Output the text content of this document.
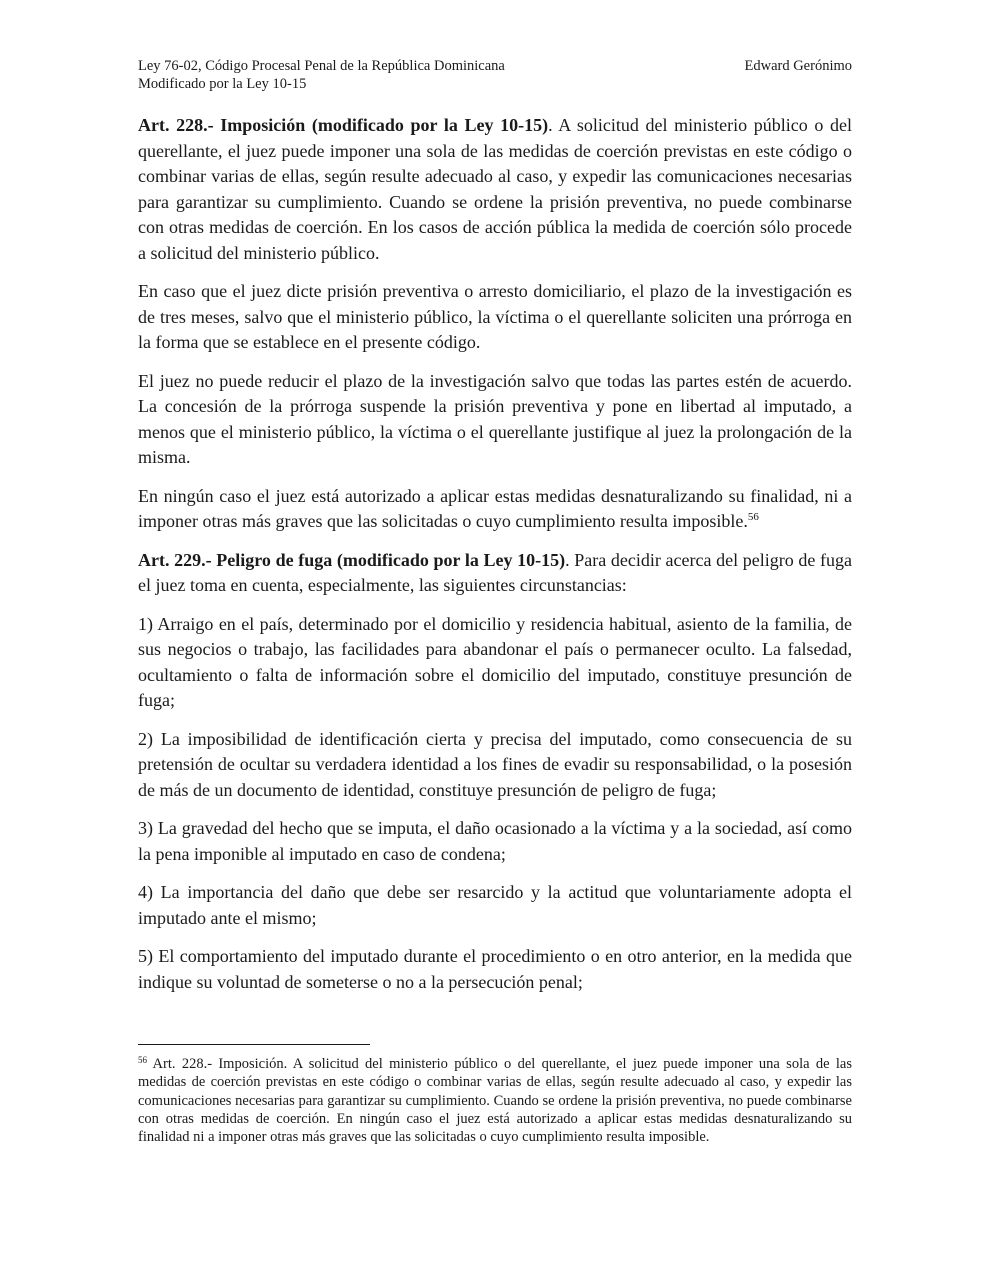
Ley 76-02, Código Procesal Penal de la República Dominicana
Modificado por la Ley 10-15
Edward Gerónimo

Art. 228.- Imposición (modificado por la Ley 10-15). A solicitud del ministerio público o del querellante, el juez puede imponer una sola de las medidas de coerción previstas en este código o combinar varias de ellas, según resulte adecuado al caso, y expedir las comunicaciones necesarias para garantizar su cumplimiento. Cuando se ordene la prisión preventiva, no puede combinarse con otras medidas de coerción. En los casos de acción pública la medida de coerción sólo procede a solicitud del ministerio público.

En caso que el juez dicte prisión preventiva o arresto domiciliario, el plazo de la investigación es de tres meses, salvo que el ministerio público, la víctima o el querellante soliciten una prórroga en la forma que se establece en el presente código.

El juez no puede reducir el plazo de la investigación salvo que todas las partes estén de acuerdo. La concesión de la prórroga suspende la prisión preventiva y pone en libertad al imputado, a menos que el ministerio público, la víctima o el querellante justifique al juez la prolongación de la misma.

En ningún caso el juez está autorizado a aplicar estas medidas desnaturalizando su finalidad, ni a imponer otras más graves que las solicitadas o cuyo cumplimiento resulta imposible.$^{56}$

Art. 229.- Peligro de fuga (modificado por la Ley 10-15). Para decidir acerca del peligro de fuga el juez toma en cuenta, especialmente, las siguientes circunstancias:

1) Arraigo en el país, determinado por el domicilio y residencia habitual, asiento de la familia, de sus negocios o trabajo, las facilidades para abandonar el país o permanecer oculto. La falsedad, ocultamiento o falta de información sobre el domicilio del imputado, constituye presunción de fuga;

2) La imposibilidad de identificación cierta y precisa del imputado, como consecuencia de su pretensión de ocultar su verdadera identidad a los fines de evadir su responsabilidad, o la posesión de más de un documento de identidad, constituye presunción de peligro de fuga;

3) La gravedad del hecho que se imputa, el daño ocasionado a la víctima y a la sociedad, así como la pena imponible al imputado en caso de condena;

4) La importancia del daño que debe ser resarcido y la actitud que voluntariamente adopta el imputado ante el mismo;

5) El comportamiento del imputado durante el procedimiento o en otro anterior, en la medida que indique su voluntad de someterse o no a la persecución penal;

$^{56}$ Art. 228.- Imposición. A solicitud del ministerio público o del querellante, el juez puede imponer una sola de las medidas de coerción previstas en este código o combinar varias de ellas, según resulte adecuado al caso, y expedir las comunicaciones necesarias para garantizar su cumplimiento. Cuando se ordene la prisión preventiva, no puede combinarse con otras medidas de coerción. En ningún caso el juez está autorizado a aplicar estas medidas desnaturalizando su finalidad ni a imponer otras más graves que las solicitadas o cuyo cumplimiento resulta imposible.
